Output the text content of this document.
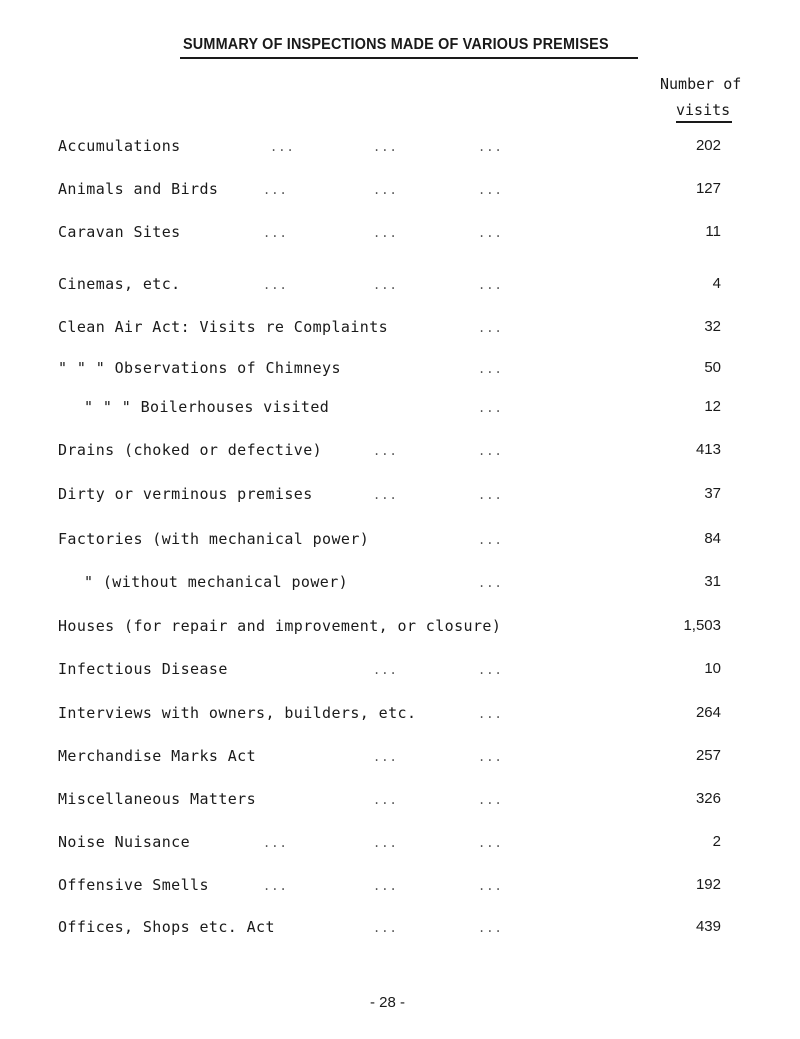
SUMMARY OF INSPECTIONS MADE OF VARIOUS PREMISES
Number of
visits
Accumulations	...	...	...	202
Animals and Birds	...	...	...	127
Caravan Sites	...	...	...	11
Cinemas, etc.	...	...	...	4
Clean Air Act: Visits re Complaints	...	32
" " " Observations of Chimneys	...	50
" " " Boilerhouses visited	...	12
Drains (choked or defective)	...	...	413
Dirty or verminous premises	...	...	37
Factories (with mechanical power)	...	84
" (without mechanical power)	...	31
Houses (for repair and improvement, or closure)	1,503
Infectious Disease	...	...	10
Interviews with owners, builders, etc.	...	264
Merchandise Marks Act	...	...	257
Miscellaneous Matters	...	...	326
Noise Nuisance	...	...	...	2
Offensive Smells	...	...	...	192
Offices, Shops etc. Act	...	...	439
- 28 -
